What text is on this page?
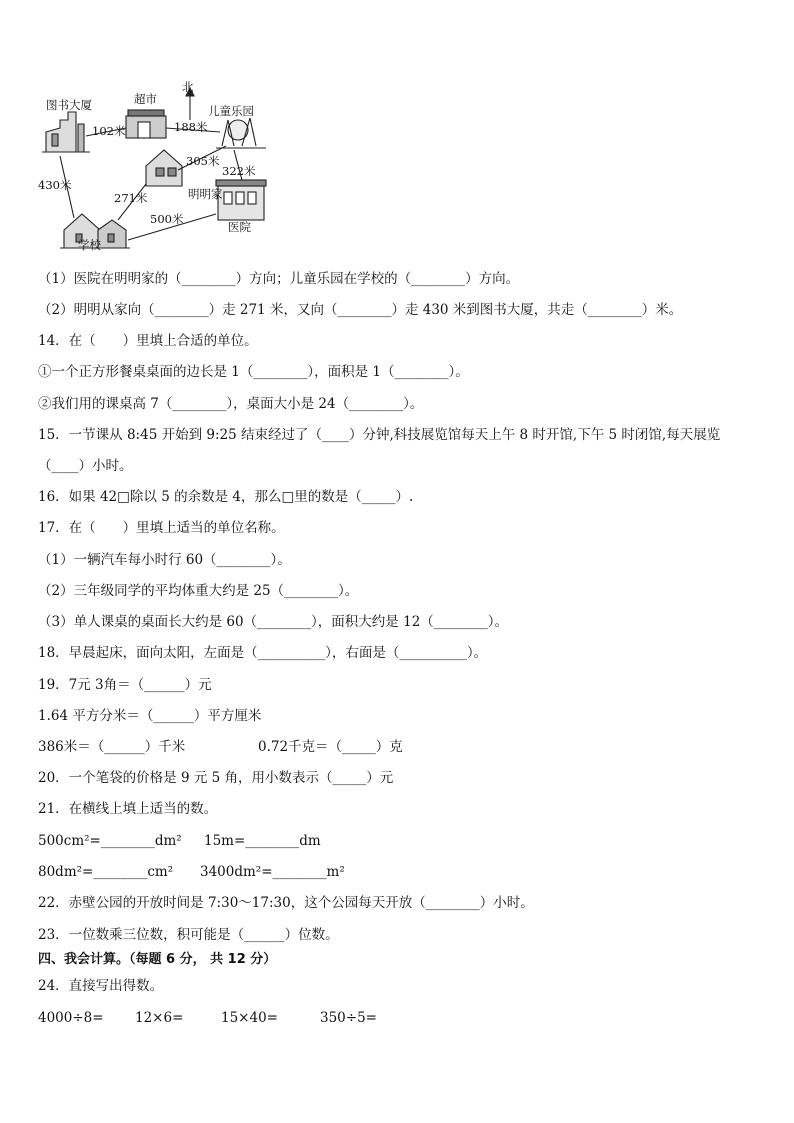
图书大厦	超市
北
儿童乐园
明明家
学校
医院
102米	188米
305米
322米
430米
271米
500米
（1）医院在明明家的（________）方向；儿童乐园在学校的（________）方向。
（2）明明从家向（________）走 271 米，又向（________）走 430 米到图书大厦，共走（________）米。
14．在（　　）里填上合适的单位。
①一个正方形餐桌桌面的边长是 1（________），面积是 1（________）。
②我们用的课桌高 7（________），桌面大小是 24（________）。
15．一节课从 8:45 开始到 9:25 结束经过了（____）分钟,科技展览馆每天上午 8 时开馆,下午 5 时闭馆,每天展览
（____）小时。
16．如果 42□除以 5 的余数是 4，那么□里的数是（_____）.
17．在（　　）里填上适当的单位名称。
（1）一辆汽车每小时行 60（________）。
（2）三年级同学的平均体重大约是 25（________）。
（3）单人课桌的桌面长大约是 60（________），面积大约是 12（________）。
18．早晨起床，面向太阳，左面是（__________），右面是（__________）。
19．7元 3角＝（______）元
1.64 平方分米＝（______）平方厘米
386米＝（______）千米	0.72千克＝（_____）克
20．一个笔袋的价格是 9 元 5 角，用小数表示（_____）元
21．在横线上填上适当的数。
500cm²=________dm² 15m=________dm
80dm²=________cm² 3400dm²=________m²
22．赤壁公园的开放时间是 7:30～17:30，这个公园每天开放（________）小时。
23．一位数乘三位数，积可能是（______）位数。
四、我会计算。（每题 6 分， 共 12 分）
24．直接写出得数。
4000÷8= 12×6=	15×40=	350÷5=
